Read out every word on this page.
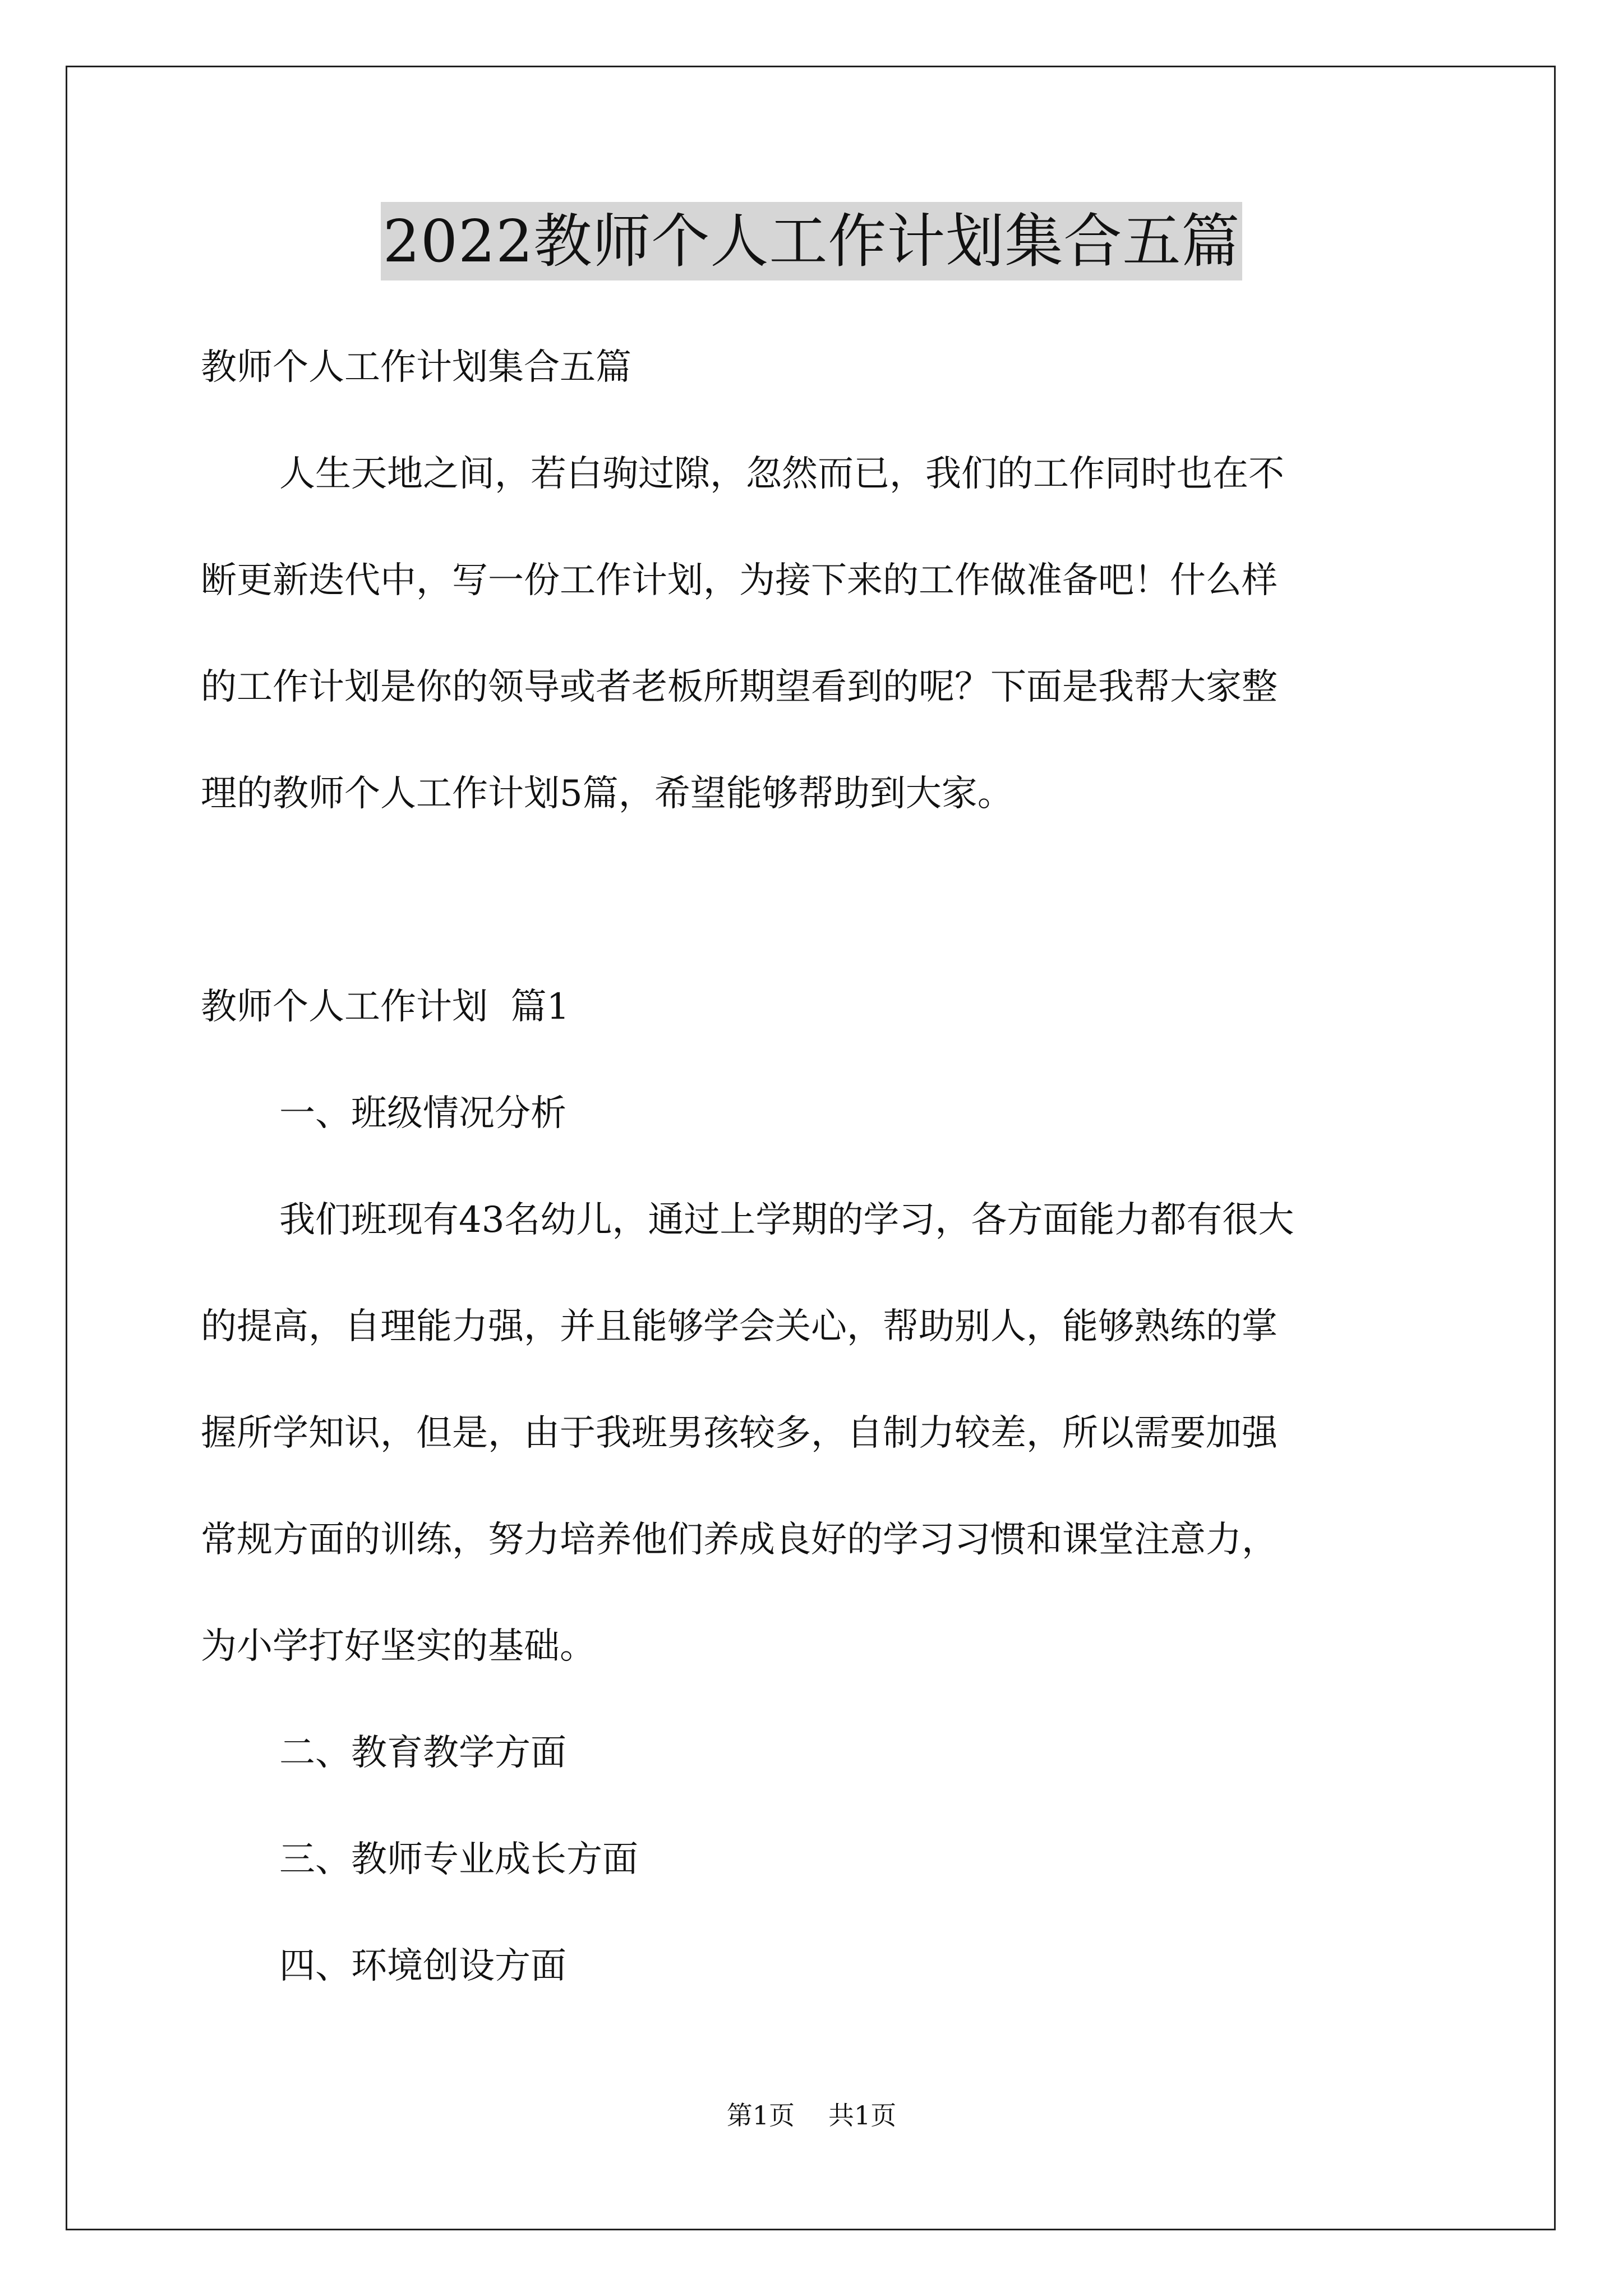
2022教师个人工作计划集合五篇
教师个人工作计划集合五篇
人生天地之间，若白驹过隙，忽然而已，我们的工作同时也在不
断更新迭代中，写一份工作计划，为接下来的工作做准备吧！什么样
的工作计划是你的领导或者老板所期望看到的呢？下面是我帮大家整
理的教师个人工作计划5篇，希望能够帮助到大家。
教师个人工作计划  篇1
一、班级情况分析
我们班现有43名幼儿，通过上学期的学习，各方面能力都有很大
的提高，自理能力强，并且能够学会关心，帮助别人，能够熟练的掌
握所学知识，但是，由于我班男孩较多，自制力较差，所以需要加强
常规方面的训练，努力培养他们养成良好的学习习惯和课堂注意力，
为小学打好坚实的基础。
二、教育教学方面
三、教师专业成长方面
四、环境创设方面
第1页 共1页
